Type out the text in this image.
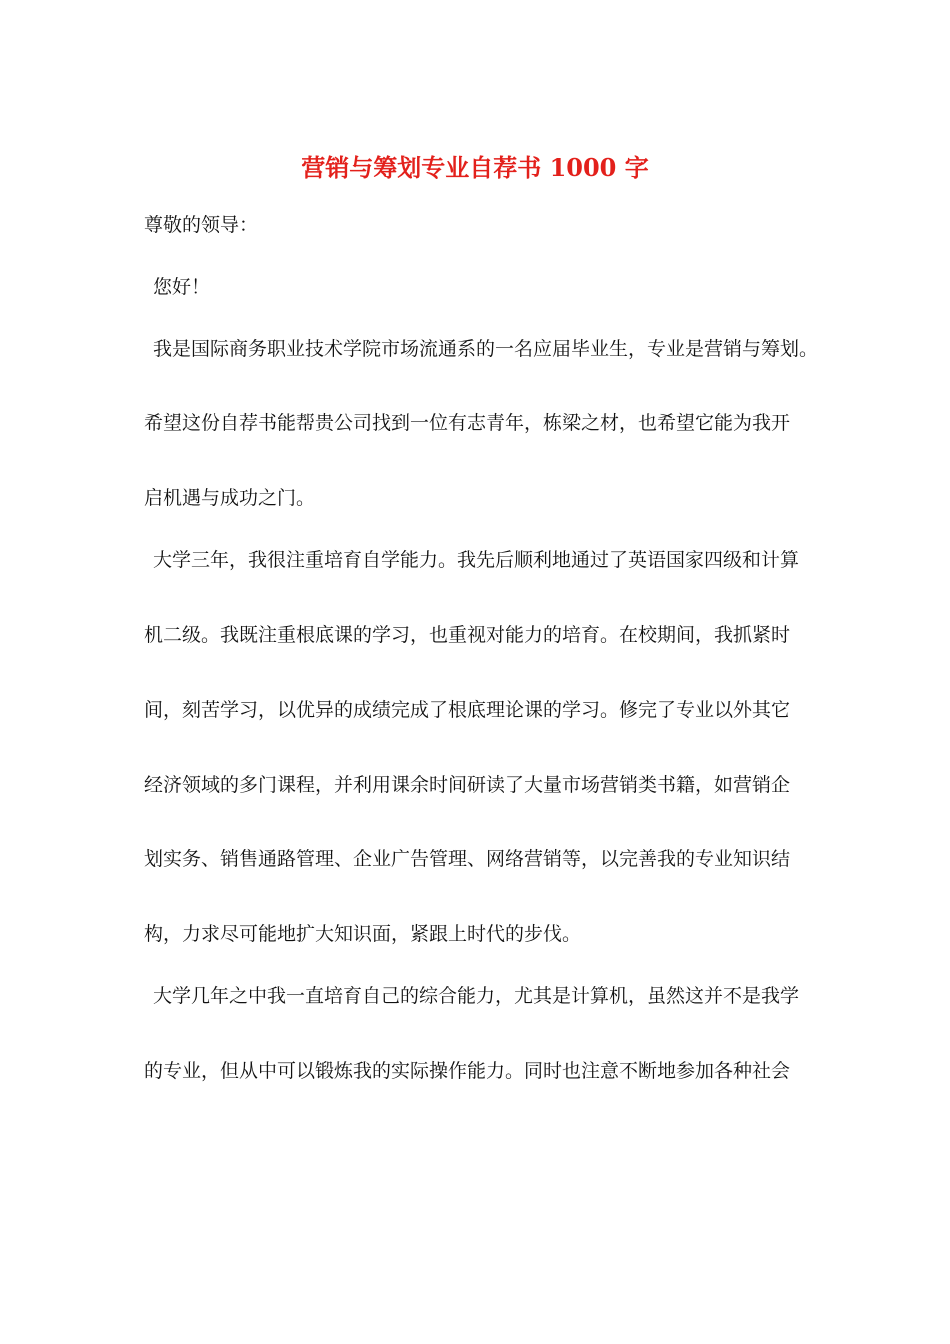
营销与筹划专业自荐书 1000 字
尊敬的领导：
您好！
我是国际商务职业技术学院市场流通系的一名应届毕业生，专业是营销与筹划。
希望这份自荐书能帮贵公司找到一位有志青年，栋梁之材，也希望它能为我开
启机遇与成功之门。
大学三年，我很注重培育自学能力。我先后顺利地通过了英语国家四级和计算
机二级。我既注重根底课的学习，也重视对能力的培育。在校期间，我抓紧时
间，刻苦学习，以优异的成绩完成了根底理论课的学习。修完了专业以外其它
经济领域的多门课程，并利用课余时间研读了大量市场营销类书籍，如营销企
划实务、销售通路管理、企业广告管理、网络营销等，以完善我的专业知识结
构，力求尽可能地扩大知识面，紧跟上时代的步伐。
大学几年之中我一直培育自己的综合能力，尤其是计算机，虽然这并不是我学
的专业，但从中可以锻炼我的实际操作能力。同时也注意不断地参加各种社会
